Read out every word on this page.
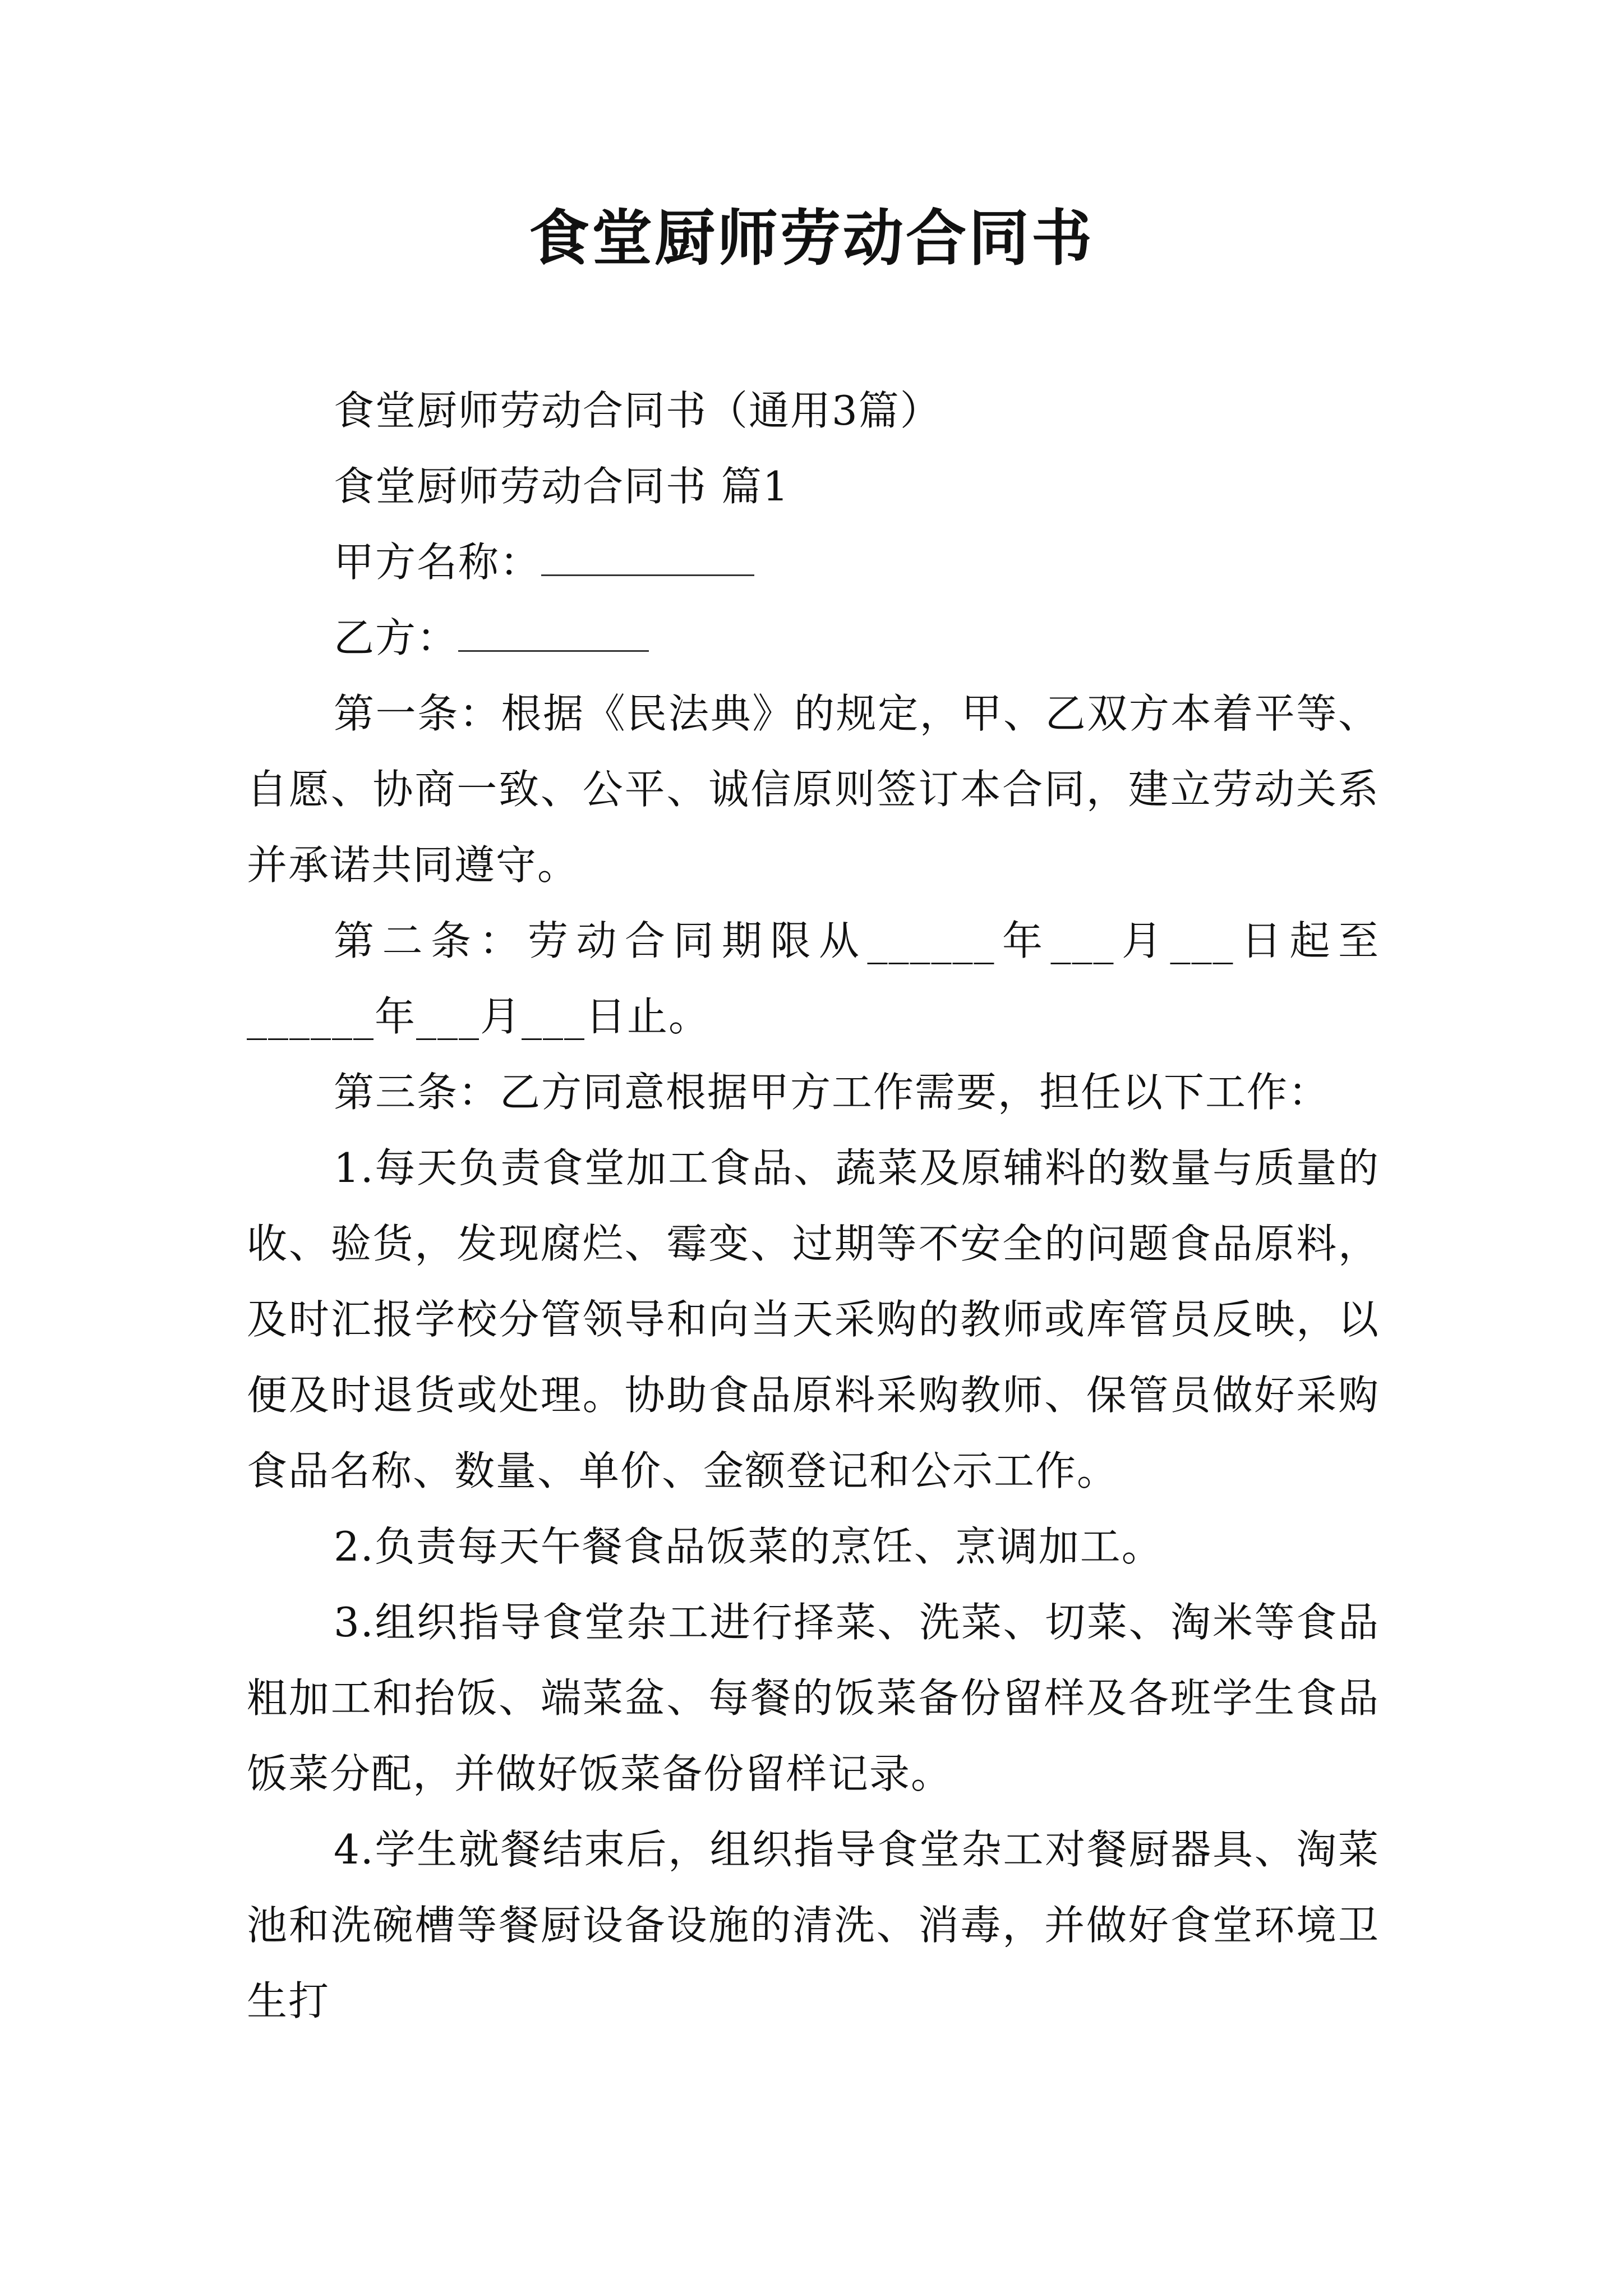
食堂厨师劳动合同书

食堂厨师劳动合同书（通用3篇）

食堂厨师劳动合同书 篇1

甲方名称：

乙方：

第一条：根据《民法典》的规定，甲、乙双方本着平等、自愿、协商一致、公平、诚信原则签订本合同，建立劳动关系并承诺共同遵守。

第二条：劳动合同期限从______年___月___日起至______年___月___日止。

第三条：乙方同意根据甲方工作需要，担任以下工作：

1.每天负责食堂加工食品、蔬菜及原辅料的数量与质量的收、验货，发现腐烂、霉变、过期等不安全的问题食品原料，及时汇报学校分管领导和向当天采购的教师或库管员反映，以便及时退货或处理。协助食品原料采购教师、保管员做好采购食品名称、数量、单价、金额登记和公示工作。

2.负责每天午餐食品饭菜的烹饪、烹调加工。

3.组织指导食堂杂工进行择菜、洗菜、切菜、淘米等食品粗加工和抬饭、端菜盆、每餐的饭菜备份留样及各班学生食品饭菜分配，并做好饭菜备份留样记录。

4.学生就餐结束后，组织指导食堂杂工对餐厨器具、淘菜池和洗碗槽等餐厨设备设施的清洗、消毒，并做好食堂环境卫生打
